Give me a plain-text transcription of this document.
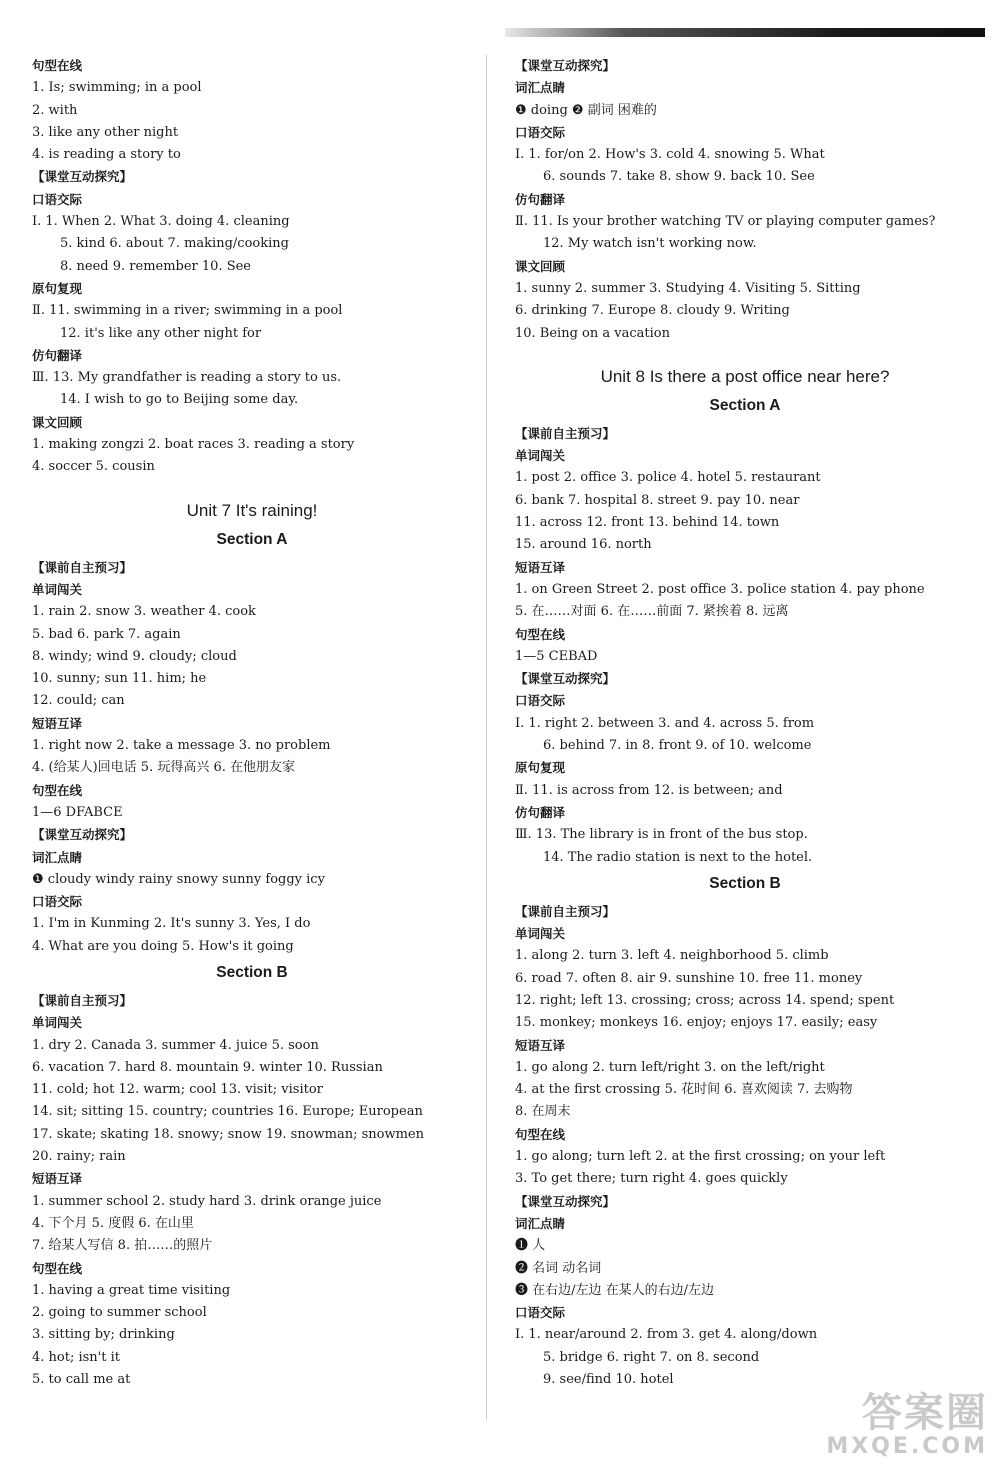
句型在线
1. Is; swimming; in a pool
2. with
3. like any other night
4. is reading a story to
【课堂互动探究】
口语交际
Ⅰ. 1. When 2. What 3. doing 4. cleaning
5. kind 6. about 7. making/cooking
8. need 9. remember 10. See
原句复现
Ⅱ. 11. swimming in a river; swimming in a pool
12. it's like any other night for
仿句翻译
Ⅲ. 13. My grandfather is reading a story to us.
14. I wish to go to Beijing some day.
课文回顾
1. making zongzi 2. boat races 3. reading a story
4. soccer 5. cousin
Unit 7 It's raining!
Section A
【课前自主预习】
单词闯关
1. rain 2. snow 3. weather 4. cook
5. bad 6. park 7. again
8. windy; wind 9. cloudy; cloud
10. sunny; sun 11. him; he
12. could; can
短语互译
1. right now 2. take a message 3. no problem
4. (给某人)回电话 5. 玩得高兴 6. 在他朋友家
句型在线
1—6 DFABCE
【课堂互动探究】
词汇点睛
❶ cloudy windy rainy snowy sunny foggy icy
口语交际
1. I'm in Kunming 2. It's sunny 3. Yes, I do
4. What are you doing 5. How's it going
Section B
【课前自主预习】
单词闯关
1. dry 2. Canada 3. summer 4. juice 5. soon
6. vacation 7. hard 8. mountain 9. winter 10. Russian
11. cold; hot 12. warm; cool 13. visit; visitor
14. sit; sitting 15. country; countries 16. Europe; European
17. skate; skating 18. snowy; snow 19. snowman; snowmen
20. rainy; rain
短语互译
1. summer school 2. study hard 3. drink orange juice
4. 下个月 5. 度假 6. 在山里
7. 给某人写信 8. 拍……的照片
句型在线
1. having a great time visiting
2. going to summer school
3. sitting by; drinking
4. hot; isn't it
5. to call me at
【课堂互动探究】
词汇点睛
❶ doing ❷ 副词 困难的
口语交际
Ⅰ. 1. for/on 2. How's 3. cold 4. snowing 5. What
6. sounds 7. take 8. show 9. back 10. See
仿句翻译
Ⅱ. 11. Is your brother watching TV or playing computer games?
12. My watch isn't working now.
课文回顾
1. sunny 2. summer 3. Studying 4. Visiting 5. Sitting
6. drinking 7. Europe 8. cloudy 9. Writing
10. Being on a vacation
Unit 8 Is there a post office near here?
Section A
【课前自主预习】
单词闯关
1. post 2. office 3. police 4. hotel 5. restaurant
6. bank 7. hospital 8. street 9. pay 10. near
11. across 12. front 13. behind 14. town
15. around 16. north
短语互译
1. on Green Street 2. post office 3. police station 4. pay phone
5. 在……对面 6. 在……前面 7. 紧挨着 8. 远离
句型在线
1—5 CEBAD
【课堂互动探究】
口语交际
Ⅰ. 1. right 2. between 3. and 4. across 5. from
6. behind 7. in 8. front 9. of 10. welcome
原句复现
Ⅱ. 11. is across from 12. is between; and
仿句翻译
Ⅲ. 13. The library is in front of the bus stop.
14. The radio station is next to the hotel.
Section B
【课前自主预习】
单词闯关
1. along 2. turn 3. left 4. neighborhood 5. climb
6. road 7. often 8. air 9. sunshine 10. free 11. money
12. right; left 13. crossing; cross; across 14. spend; spent
15. monkey; monkeys 16. enjoy; enjoys 17. easily; easy
短语互译
1. go along 2. turn left/right 3. on the left/right
4. at the first crossing 5. 花时间 6. 喜欢阅读 7. 去购物
8. 在周末
句型在线
1. go along; turn left 2. at the first crossing; on your left
3. To get there; turn right 4. goes quickly
【课堂互动探究】
词汇点睛
❶ 人
❷ 名词 动名词
❸ 在右边/左边 在某人的右边/左边
口语交际
Ⅰ. 1. near/around 2. from 3. get 4. along/down
5. bridge 6. right 7. on 8. second
9. see/find 10. hotel
答案圈
MXQE.COM
